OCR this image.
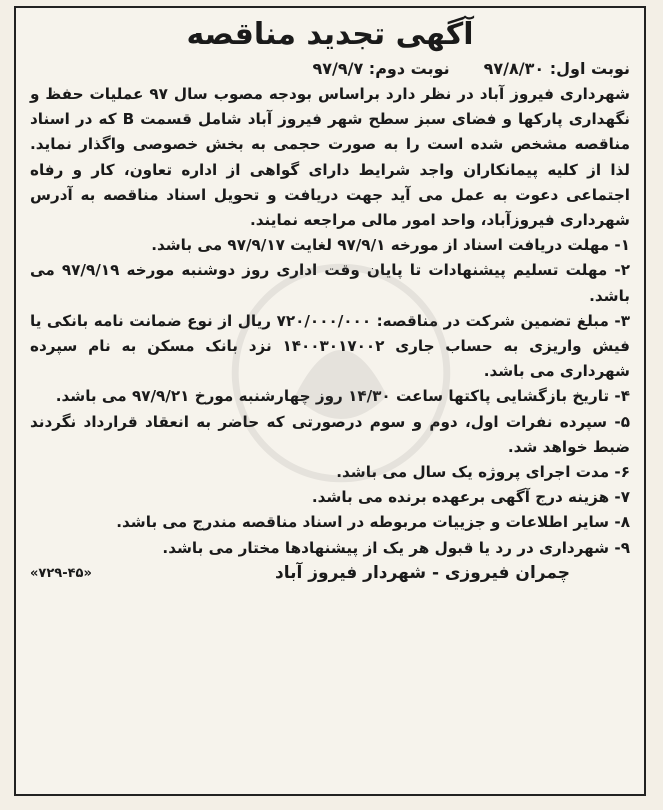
آگهی تجدید مناقصه
نوبت اول: ۹۷/۸/۳۰
نوبت دوم: ۹۷/۹/۷

شهرداری فیروز آباد در نظر دارد براساس بودجه مصوب سال ۹۷ عملیات حفظ و نگهداری پارکها و فضای سبز سطح شهر فیروز آباد شامل قسمت B که در اسناد مناقصه مشخص شده است را به صورت حجمی به بخش خصوصی واگذار نماید. لذا از کلیه پیمانکاران واجد شرایط دارای گواهی از اداره تعاون، کار و رفاه اجتماعی دعوت به عمل می آید جهت دریافت و تحویل اسناد مناقصه به آدرس شهرداری فیروزآباد، واحد امور مالی مراجعه نمایند.

۱- مهلت دریافت اسناد از مورخه ۹۷/۹/۱ لغایت ۹۷/۹/۱۷ می باشد.

۲- مهلت تسلیم پیشنهادات تا پایان وقت اداری روز دوشنبه مورخه ۹۷/۹/۱۹ می باشد.

۳- مبلغ تضمین شرکت در مناقصه: ۷۲۰/۰۰۰/۰۰۰ ریال از نوع ضمانت نامه بانکی یا فیش واریزی به حساب جاری ۱۴۰۰۳۰۱۷۰۰۲ نزد بانک مسکن به نام سپرده شهرداری می باشد.

۴- تاریخ بازگشایی پاکتها ساعت ۱۴/۳۰ روز چهارشنبه مورخ ۹۷/۹/۲۱ می باشد.

۵- سپرده نفرات اول، دوم و سوم درصورتی که حاضر به انعقاد قرارداد نگردند ضبط خواهد شد.

۶- مدت اجرای پروژه یک سال می باشد.

۷- هزینه درج آگهی برعهده برنده می باشد.

۸- سایر اطلاعات و جزییات مربوطه در اسناد مناقصه مندرج می باشد.

۹- شهرداری در رد یا قبول هر یک از پیشنهادها مختار می باشد.

چمران فیروزی - شهردار فیروز آباد
«۷۲۹-۴۵»
